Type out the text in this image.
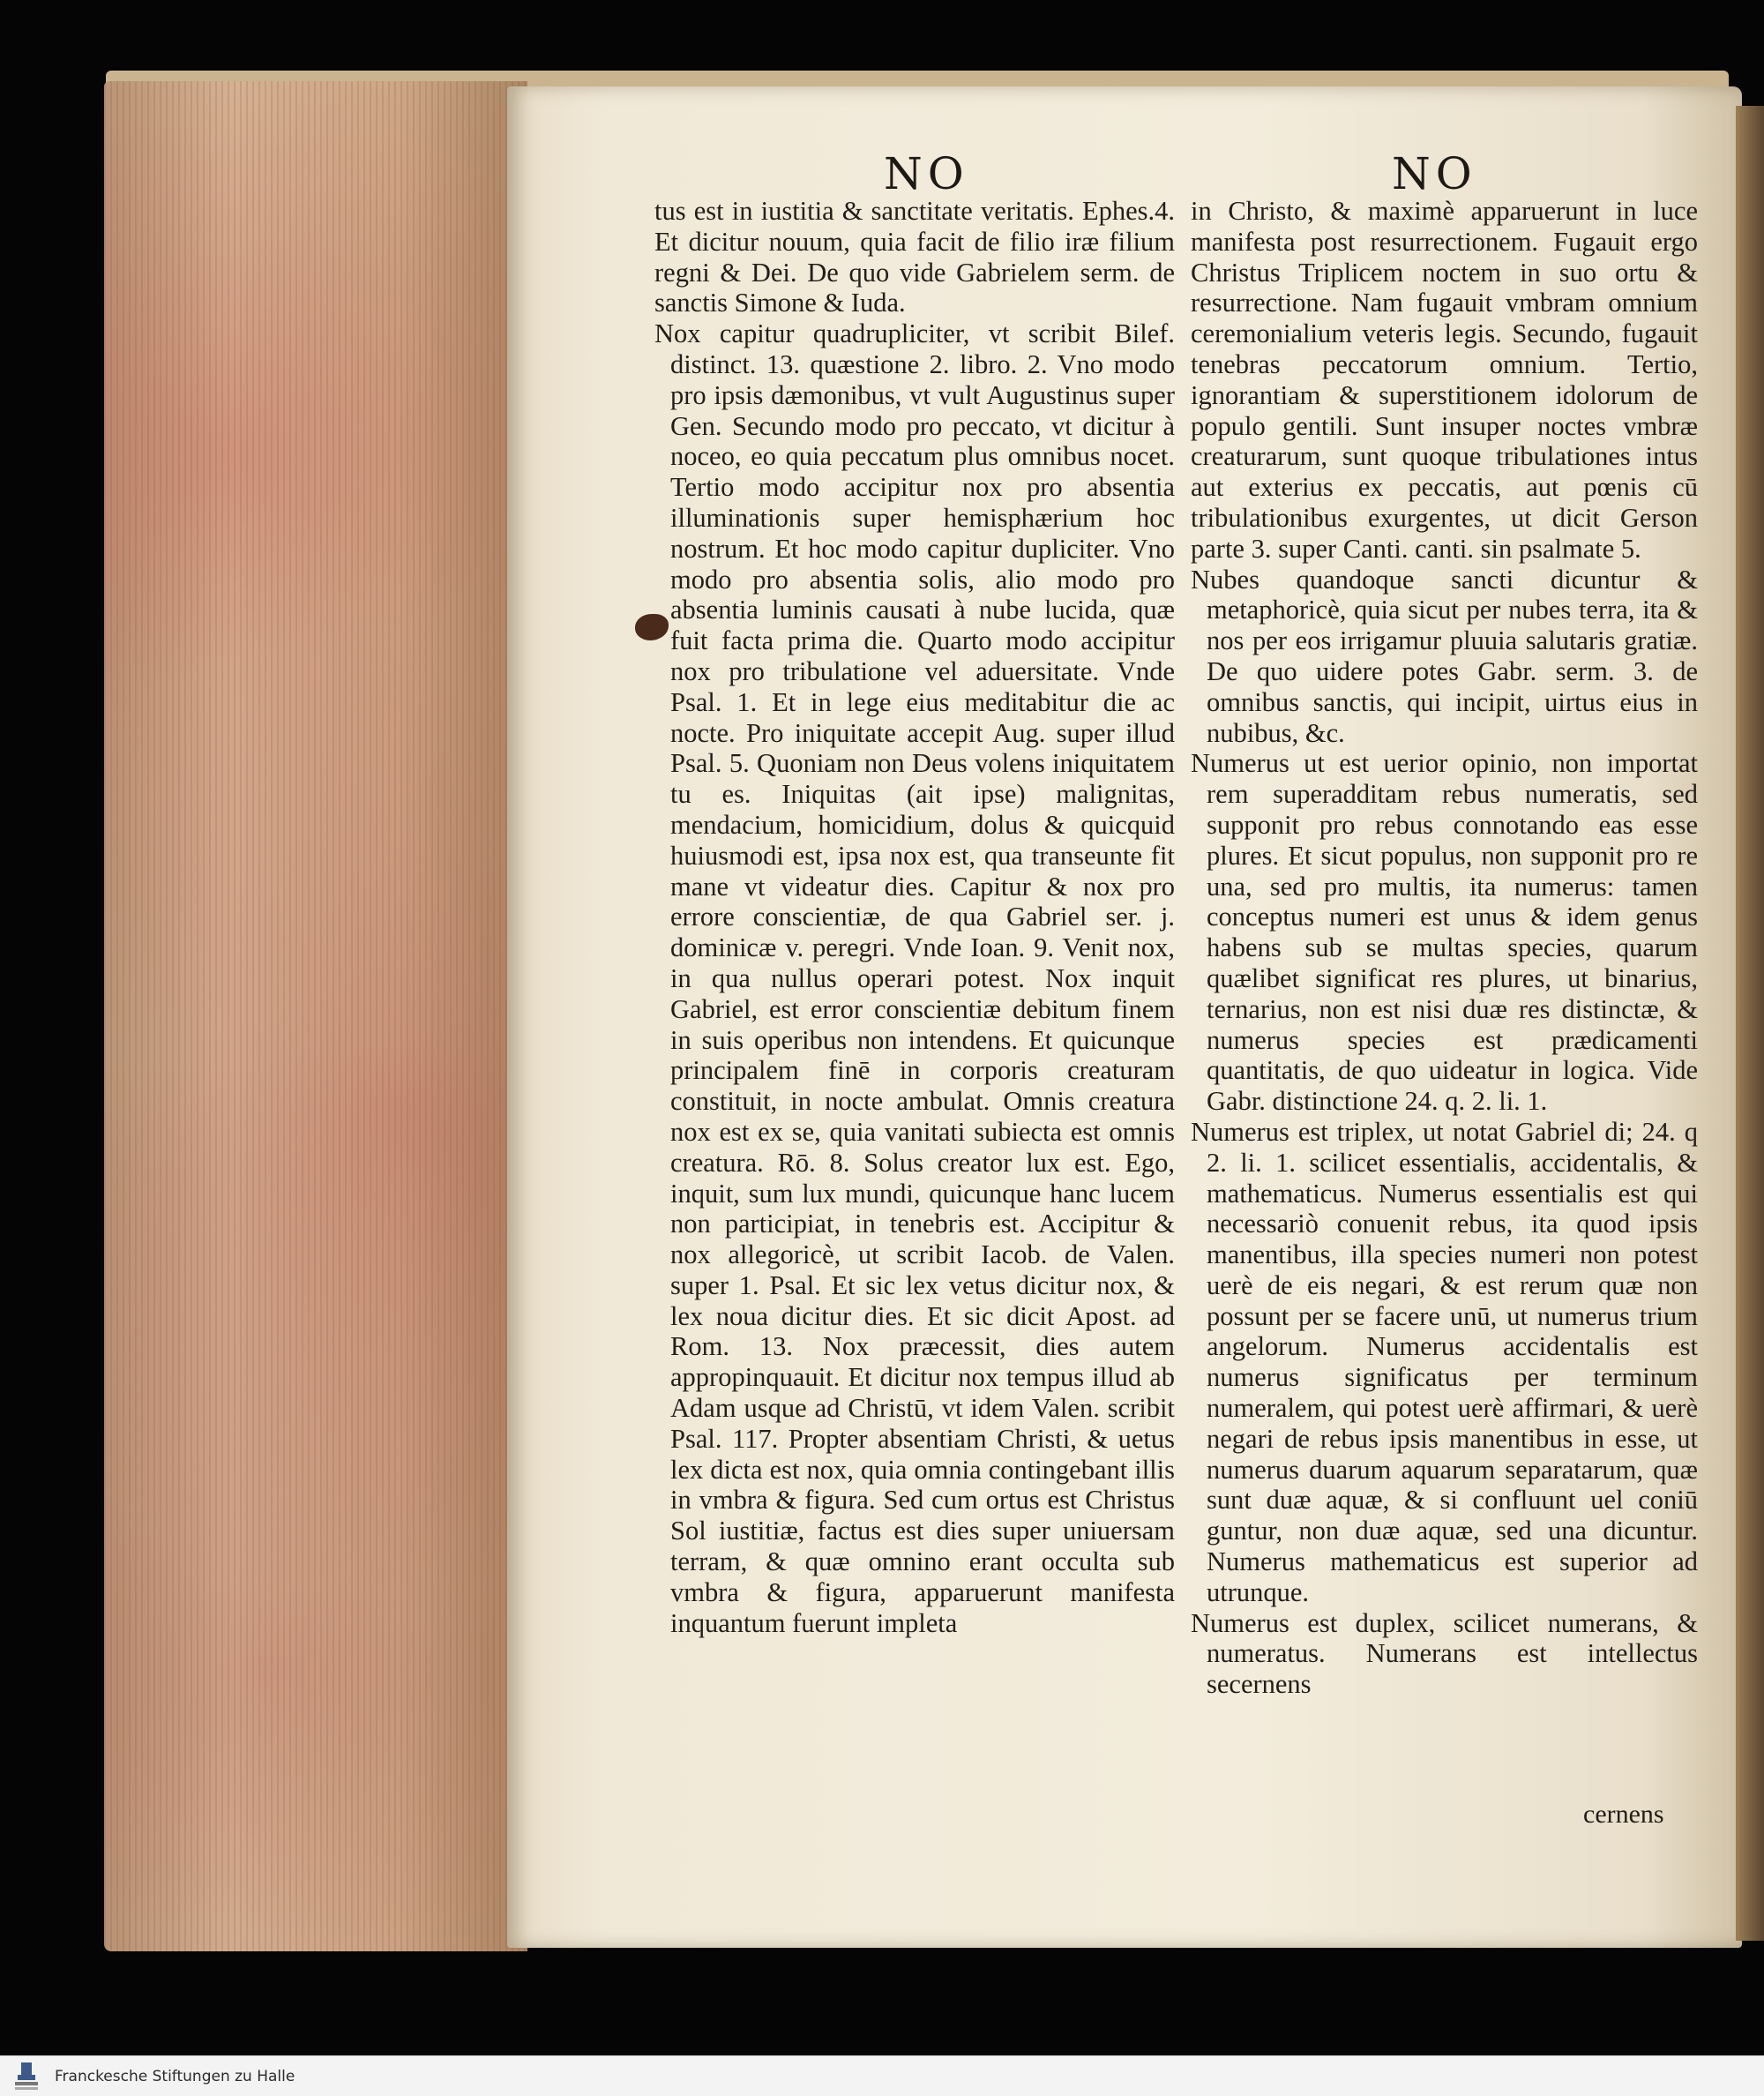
NO	NO

tus est in iustitia & sanctitate veritatis. Ephes.4. Et dicitur nouum, quia facit de filio iræ filium regni & Dei. De quo vide Gabrielem serm. de sanctis Simone & Iuda.

Nox capitur quadrupliciter, vt scribit Bilef. distinct. 13. quæstione 2. libro. 2. Vno modo pro ipsis dæmonibus, vt vult Augustinus super Gen. Secundo modo pro peccato, vt dicitur à noceo, eo quia peccatum plus omnibus nocet. Tertio modo accipitur nox pro absentia illuminationis super hemisphærium hoc nostrum. Et hoc modo capitur dupliciter. Vno modo pro absentia solis, alio modo pro absentia luminis causati à nube lucida, quæ fuit facta prima die. Quarto modo accipitur nox pro tribulatione vel aduersitate. Vnde Psal. 1. Et in lege eius meditabitur die ac nocte. Pro iniquitate accepit Aug. super illud Psal. 5. Quoniam non Deus volens iniquitatem tu es. Iniquitas (ait ipse) malignitas, mendacium, homicidium, dolus & quicquid huiusmodi est, ipsa nox est, qua transeunte fit mane vt videatur dies. Capitur & nox pro errore conscientiæ, de qua Gabriel ser. j. dominicæ v. peregri. Vnde Ioan. 9. Venit nox, in qua nullus operari potest. Nox inquit Gabriel, est error conscientiæ debitum finem in suis operibus non intendens. Et quicunque principalem finē in corporis creaturam constituit, in nocte ambulat. Omnis creatura nox est ex se, quia vanitati subiecta est omnis creatura. Rō. 8. Solus creator lux est. Ego, inquit, sum lux mundi, quicunque hanc lucem non participiat, in tenebris est. Accipitur & nox allegoricè, ut scribit Iacob. de Valen. super 1. Psal. Et sic lex vetus dicitur nox, & lex noua dicitur dies. Et sic dicit Apost. ad Rom. 13. Nox præcessit, dies autem appropinquauit. Et dicitur nox tempus illud ab Adam usque ad Christū, vt idem Valen. scribit Psal. 117. Propter absentiam Christi, & uetus lex dicta est nox, quia omnia contingebant illis in vmbra & figura. Sed cum ortus est Christus Sol iustitiæ, factus est dies super uniuersam terram, & quæ omnino erant occulta sub vmbra & figura, apparuerunt manifesta inquantum fuerunt impleta

in Christo, & maximè apparuerunt in luce manifesta post resurrectionem. Fugauit ergo Christus Triplicem noctem in suo ortu & resurrectione. Nam fugauit vmbram omnium ceremonialium veteris legis. Secundo, fugauit tenebras peccatorum omnium. Tertio, ignorantiam & superstitionem idolorum de populo gentili. Sunt insuper noctes vmbræ creaturarum, sunt quoque tribulationes intus aut exterius ex peccatis, aut pœnis cū tribulationibus exurgentes, ut dicit Gerson parte 3. super Canti. canti. sin psalmate 5.

Nubes quandoque sancti dicuntur & metaphoricè, quia sicut per nubes terra, ita & nos per eos irrigamur pluuia salutaris gratiæ. De quo uidere potes Gabr. serm. 3. de omnibus sanctis, qui incipit, uirtus eius in nubibus, &c.

Numerus ut est uerior opinio, non importat rem superadditam rebus numeratis, sed supponit pro rebus connotando eas esse plures. Et sicut populus, non supponit pro re una, sed pro multis, ita numerus: tamen conceptus numeri est unus & idem genus habens sub se multas species, quarum quælibet significat res plures, ut binarius, ternarius, non est nisi duæ res distinctæ, & numerus species est prædicamenti quantitatis, de quo uideatur in logica. Vide Gabr. distinctione 24. q. 2. li. 1.

Numerus est triplex, ut notat Gabriel di; 24. q 2. li. 1. scilicet essentialis, accidentalis, & mathematicus. Numerus essentialis est qui necessariò conuenit rebus, ita quod ipsis manentibus, illa species numeri non potest uerè de eis negari, & est rerum quæ non possunt per se facere unū, ut numerus trium angelorum. Numerus accidentalis est numerus significatus per terminum numeralem, qui potest uerè affirmari, & uerè negari de rebus ipsis manentibus in esse, ut numerus duarum aquarum separatarum, quæ sunt duæ aquæ, & si confluunt uel coniū guntur, non duæ aquæ, sed una dicuntur. Numerus mathematicus est superior ad utrunque.

Numerus est duplex, scilicet numerans, & numeratus. Numerans est intellectus secernens

cernens
Franckesche Stiftungen zu Halle
